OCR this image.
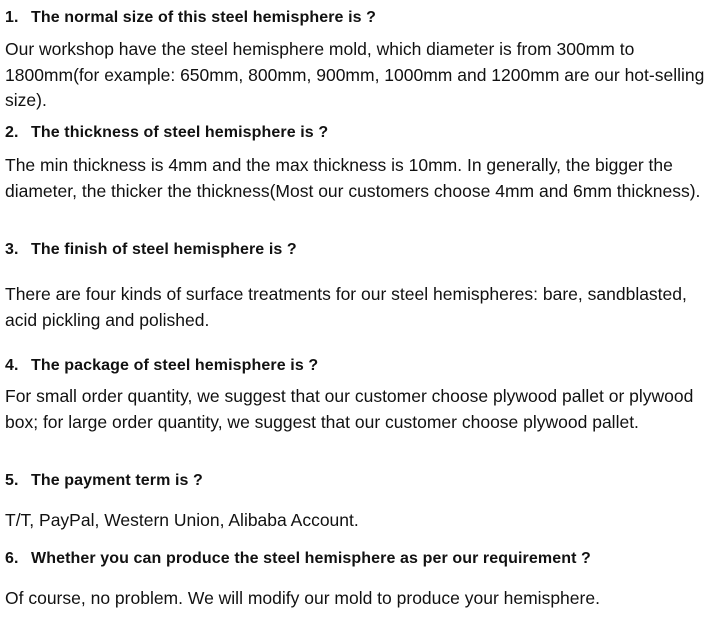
1. The normal size of this steel hemisphere is ?
Our workshop have the steel hemisphere mold, which diameter is from 300mm to 1800mm(for example: 650mm, 800mm, 900mm, 1000mm and 1200mm are our hot-selling size).
2. The thickness of steel hemisphere is ?
The min thickness is 4mm and the max thickness is 10mm. In generally, the bigger the diameter, the thicker the thickness(Most our customers choose 4mm and 6mm thickness).
3. The finish of steel hemisphere is ?
There are four kinds of surface treatments for our steel hemispheres: bare, sandblasted, acid pickling and polished.
4. The package of steel hemisphere is ?
For small order quantity, we suggest that our customer choose plywood pallet or plywood box; for large order quantity, we suggest that our customer choose plywood pallet.
5. The payment term is ?
T/T, PayPal, Western Union, Alibaba Account.
6. Whether you can produce the steel hemisphere as per our requirement ?
Of course, no problem. We will modify our mold to produce your hemisphere.
